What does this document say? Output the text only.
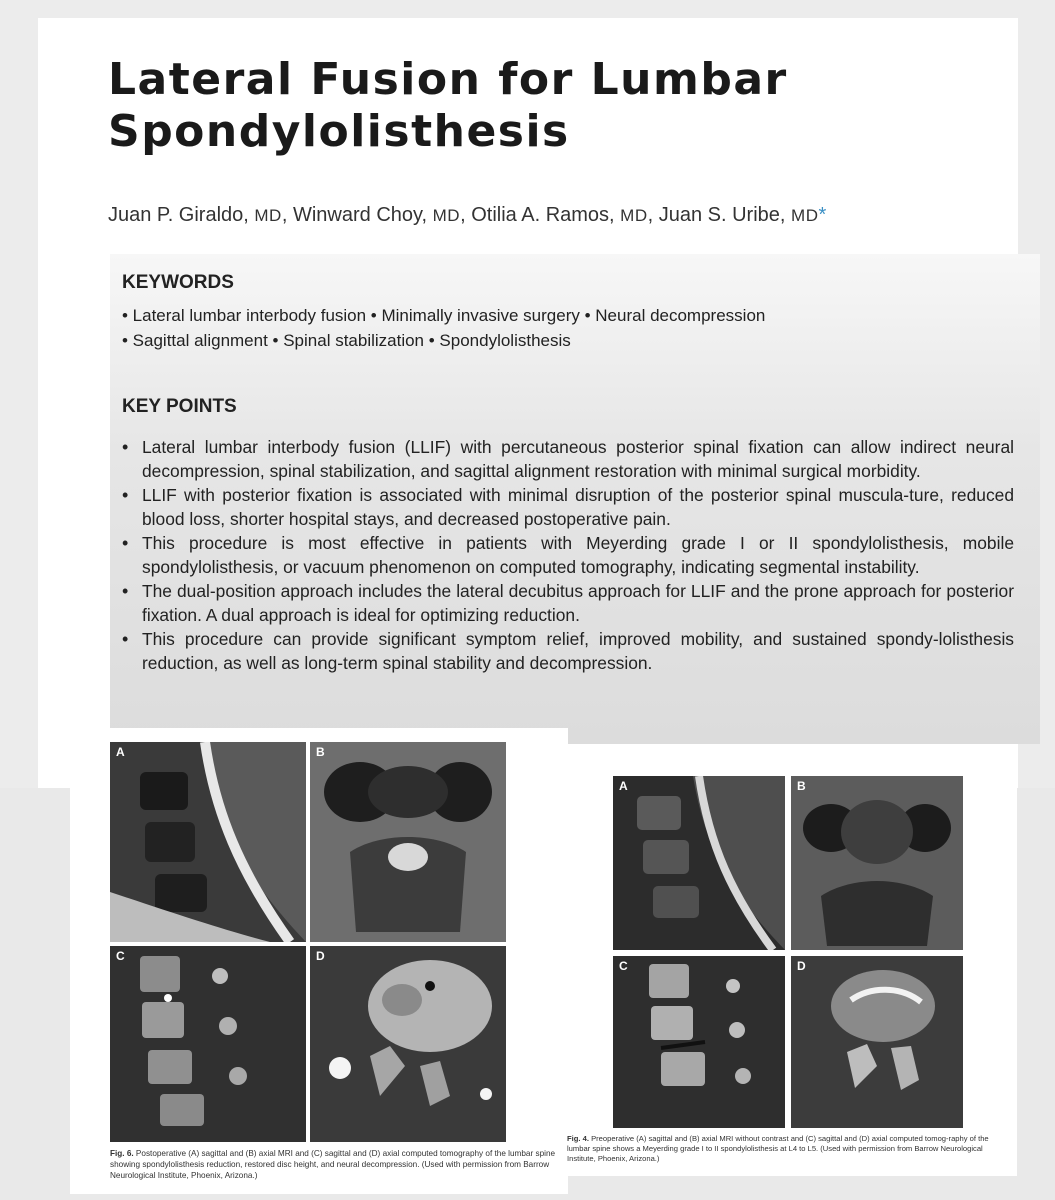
Lateral Fusion for Lumbar
Spondylolisthesis
Juan P. Giraldo, MD, Winward Choy, MD, Otilia A. Ramos, MD, Juan S. Uribe, MD*
KEYWORDS
• Lateral lumbar interbody fusion • Minimally invasive surgery • Neural decompression
• Sagittal alignment • Spinal stabilization • Spondylolisthesis
KEY POINTS
• Lateral lumbar interbody fusion (LLIF) with percutaneous posterior spinal fixation can allow indirect neural decompression, spinal stabilization, and sagittal alignment restoration with minimal surgical morbidity.
• LLIF with posterior fixation is associated with minimal disruption of the posterior spinal muscula-ture, reduced blood loss, shorter hospital stays, and decreased postoperative pain.
• This procedure is most effective in patients with Meyerding grade I or II spondylolisthesis, mobile spondylolisthesis, or vacuum phenomenon on computed tomography, indicating segmental instability.
• The dual-position approach includes the lateral decubitus approach for LLIF and the prone approach for posterior fixation. A dual approach is ideal for optimizing reduction.
• This procedure can provide significant symptom relief, improved mobility, and sustained spondy-lolisthesis reduction, as well as long-term spinal stability and decompression.
A	B
C	D
Fig. 6. Postoperative (A) sagittal and (B) axial MRI and (C) sagittal and (D) axial computed tomography of the lumbar spine showing spondylolisthesis reduction, restored disc height, and neural decompression. (Used with permission from Barrow Neurological Institute, Phoenix, Arizona.)
A	B
C	D
Fig. 4. Preoperative (A) sagittal and (B) axial MRI without contrast and (C) sagittal and (D) axial computed tomog-raphy of the lumbar spine shows a Meyerding grade I to II spondylolisthesis at L4 to L5. (Used with permission from Barrow Neurological Institute, Phoenix, Arizona.)
